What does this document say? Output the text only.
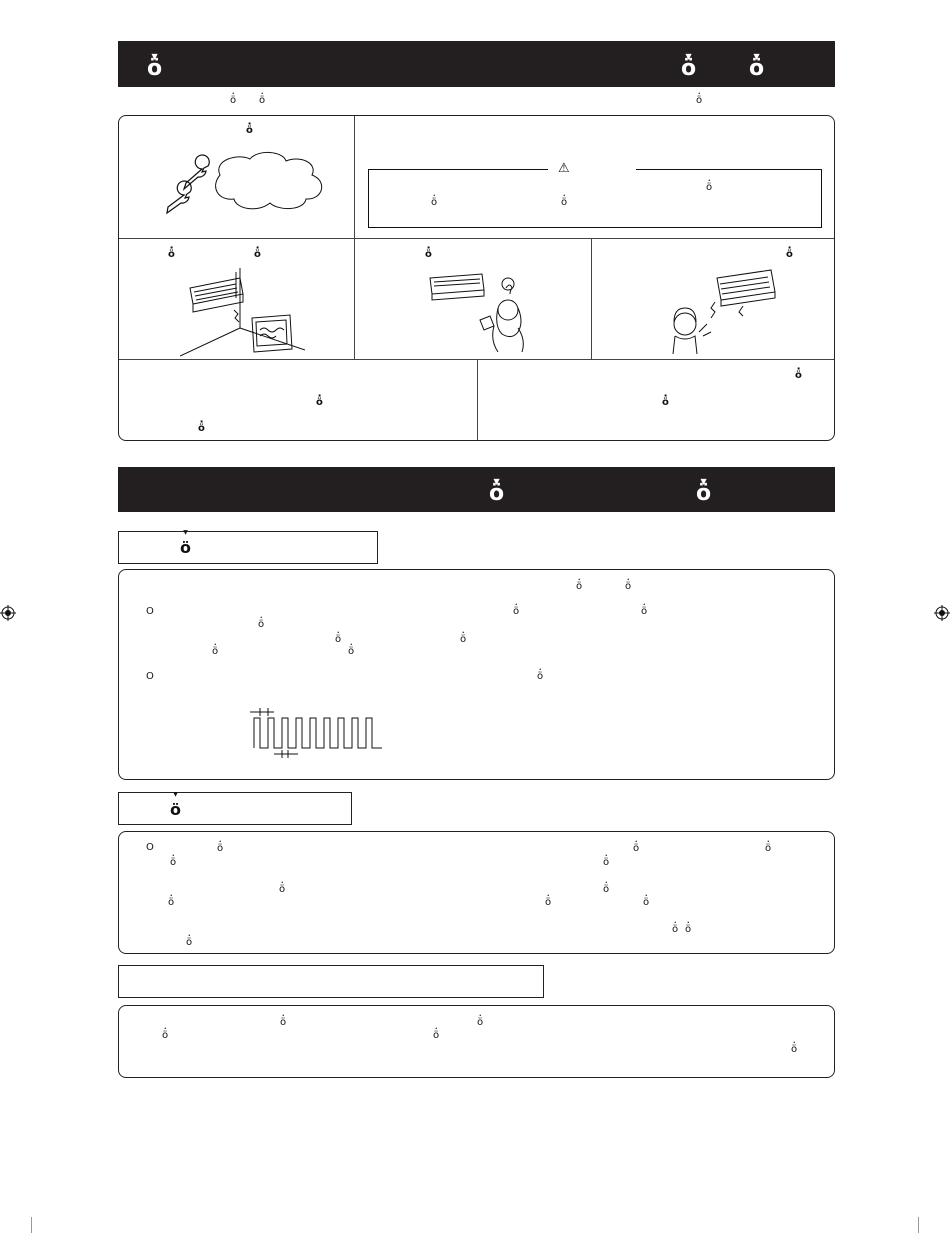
▼ ö	▼ ö ▼ ö
· ö · ö	· ö
· ö
⚠
· ö
· ö	· ö
· ö	· ö	· ö	· ö
· ö
· ö
· ö
· ö
▼ ö	▼ ö
▼ ö
· ö	· ö
O	· ö	· ö
· ö
· ö	· ö
· ö	· ö
O	· ö
▼ ö
O	· ö	· ö	· ö
· ö	· ö
· ö	· ö
· ö	· ö	· ö
· ö · ö
· ö
· ö	· ö
· ö	· ö
· ö
